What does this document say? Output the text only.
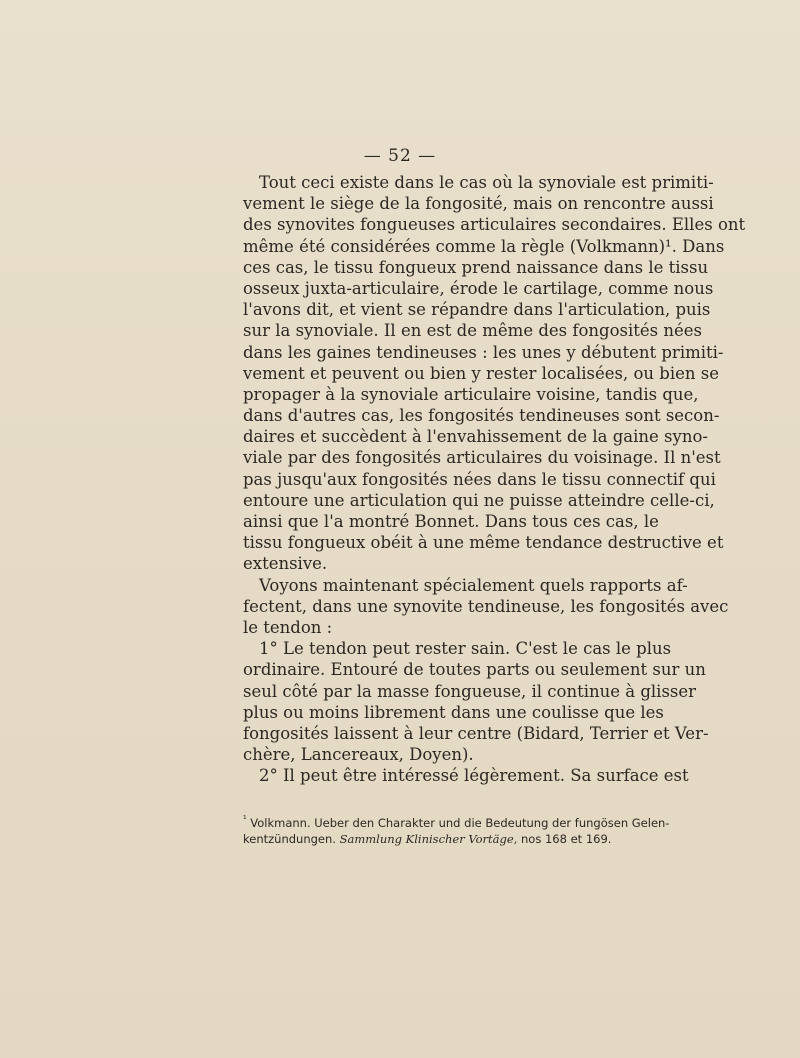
— 52 —
Tout ceci existe dans le cas où la synoviale est primiti-
vement le siège de la fongosité, mais on rencontre aussi
des synovites fongueuses articulaires secondaires. Elles ont
même été considérées comme la règle (Volkmann)¹. Dans
ces cas, le tissu fongueux prend naissance dans le tissu
osseux juxta-articulaire, érode le cartilage, comme nous
l'avons dit, et vient se répandre dans l'articulation, puis
sur la synoviale. Il en est de même des fongosités nées
dans les gaines tendineuses : les unes y débutent primiti-
vement et peuvent ou bien y rester localisées, ou bien se
propager à la synoviale articulaire voisine, tandis que,
dans d'autres cas, les fongosités tendineuses sont secon-
daires et succèdent à l'envahissement de la gaine syno-
viale par des fongosités articulaires du voisinage. Il n'est
pas jusqu'aux fongosités nées dans le tissu connectif qui
entoure une articulation qui ne puisse atteindre celle-ci,
ainsi que l'a montré Bonnet. Dans tous ces cas, le
tissu fongueux obéit à une même tendance destructive et
extensive.
Voyons maintenant spécialement quels rapports af-
fectent, dans une synovite tendineuse, les fongosités avec
le tendon :
1° Le tendon peut rester sain. C'est le cas le plus
ordinaire. Entouré de toutes parts ou seulement sur un
seul côté par la masse fongueuse, il continue à glisser
plus ou moins librement dans une coulisse que les
fongosités laissent à leur centre (Bidard, Terrier et Ver-
chère, Lancereaux, Doyen).
2° Il peut être intéressé légèrement. Sa surface est
$^{^1}$ Volkmann. Ueber den Charakter und die Bedeutung der fungösen Gelen-
kentzündungen. Sammlung Klinischer Vortäge, nos 168 et 169.
